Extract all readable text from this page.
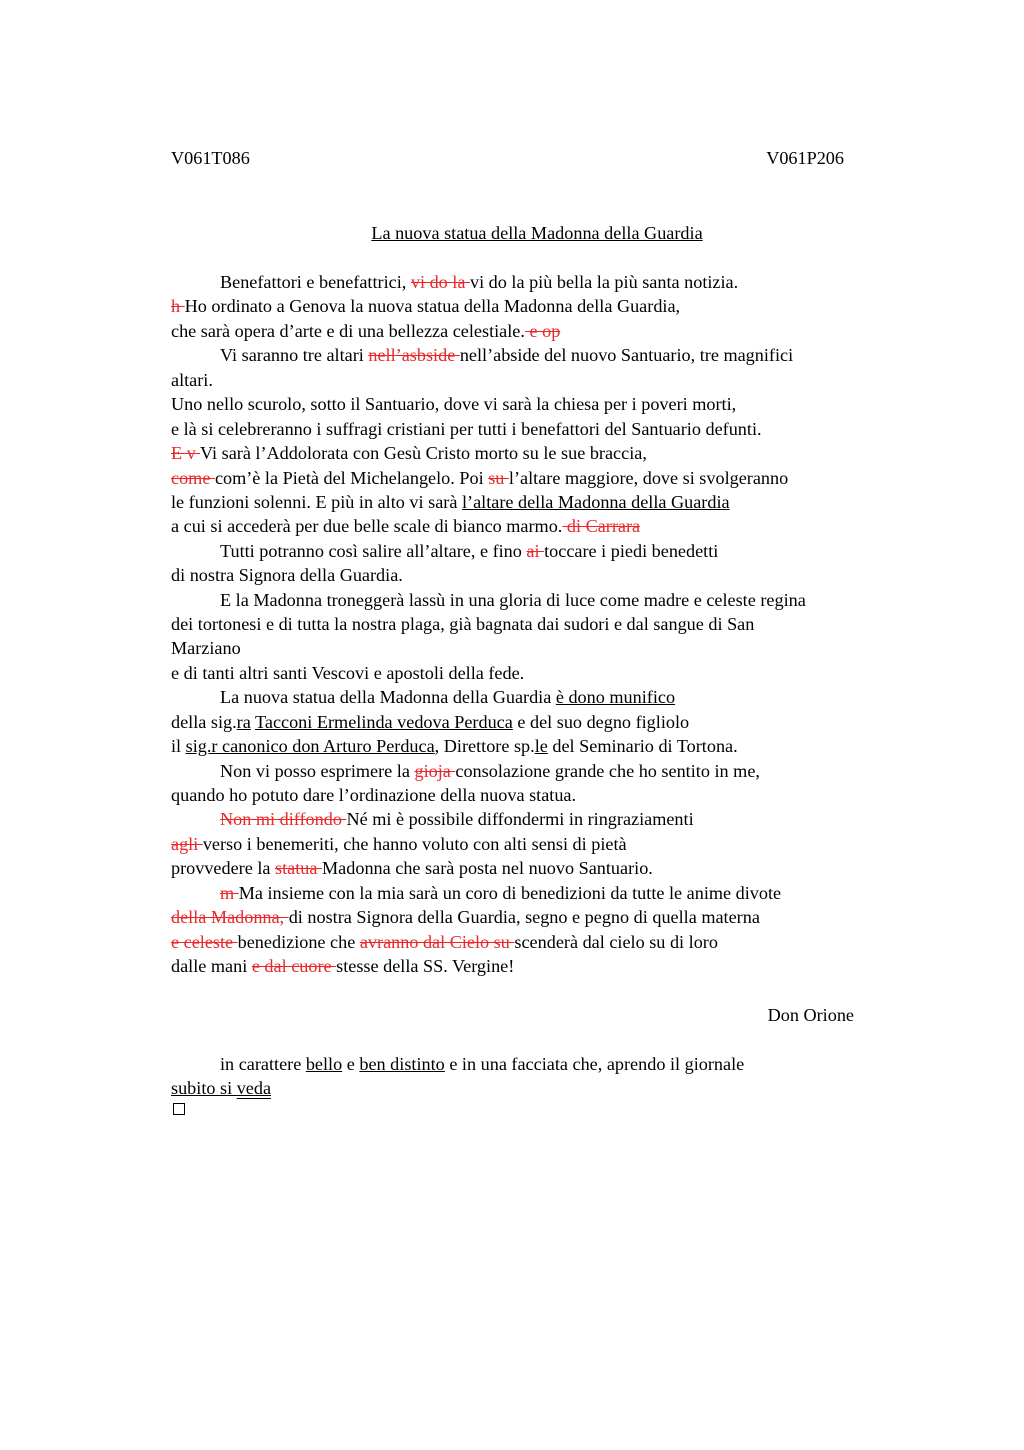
V061T086	V061P206
La nuova statua della Madonna della Guardia
Benefattori e benefattrici, vi do la vi do la più bella la più santa notizia.
h Ho ordinato a Genova la nuova statua della Madonna della Guardia,
che sarà opera d’arte e di una bellezza celestiale. e op
Vi saranno tre altari nell’asbside nell’abside del nuovo Santuario, tre magnifici
altari.
Uno nello scurolo, sotto il Santuario, dove vi sarà la chiesa per i poveri morti,
e là si celebreranno i suffragi cristiani per tutti i benefattori del Santuario defunti.
E v Vi sarà l’Addolorata con Gesù Cristo morto su le sue braccia,
come com’è la Pietà del Michelangelo. Poi su l’altare maggiore, dove si svolgeranno
le funzioni solenni. E più in alto vi sarà l’altare della Madonna della Guardia
a cui si accederà per due belle scale di bianco marmo. di Carrara
Tutti potranno così salire all’altare, e fino ai toccare i piedi benedetti
di nostra Signora della Guardia.
E la Madonna troneggerà lassù in una gloria di luce come madre e celeste regina
dei tortonesi e di tutta la nostra plaga, già bagnata dai sudori e dal sangue di San
Marziano
e di tanti altri santi Vescovi e apostoli della fede.
La nuova statua della Madonna della Guardia è dono munifico
della sig.ra Tacconi Ermelinda vedova Perduca e del suo degno figliolo
il sig.r canonico don Arturo Perduca, Direttore sp.le del Seminario di Tortona.
Non vi posso esprimere la gioja consolazione grande che ho sentito in me,
quando ho potuto dare l’ordinazione della nuova statua.
Non mi diffondo Né mi è possibile diffondermi in ringraziamenti
agli verso i benemeriti, che hanno voluto con alti sensi di pietà
provvedere la statua Madonna che sarà posta nel nuovo Santuario.
m Ma insieme con la mia sarà un coro di benedizioni da tutte le anime divote
della Madonna, di nostra Signora della Guardia, segno e pegno di quella materna
e celeste benedizione che avranno dal Cielo su scenderà dal cielo su di loro
dalle mani e dal cuore stesse della SS. Vergine!
Don Orione
in carattere bello e ben distinto e in una facciata che, aprendo il giornale
subito si veda
